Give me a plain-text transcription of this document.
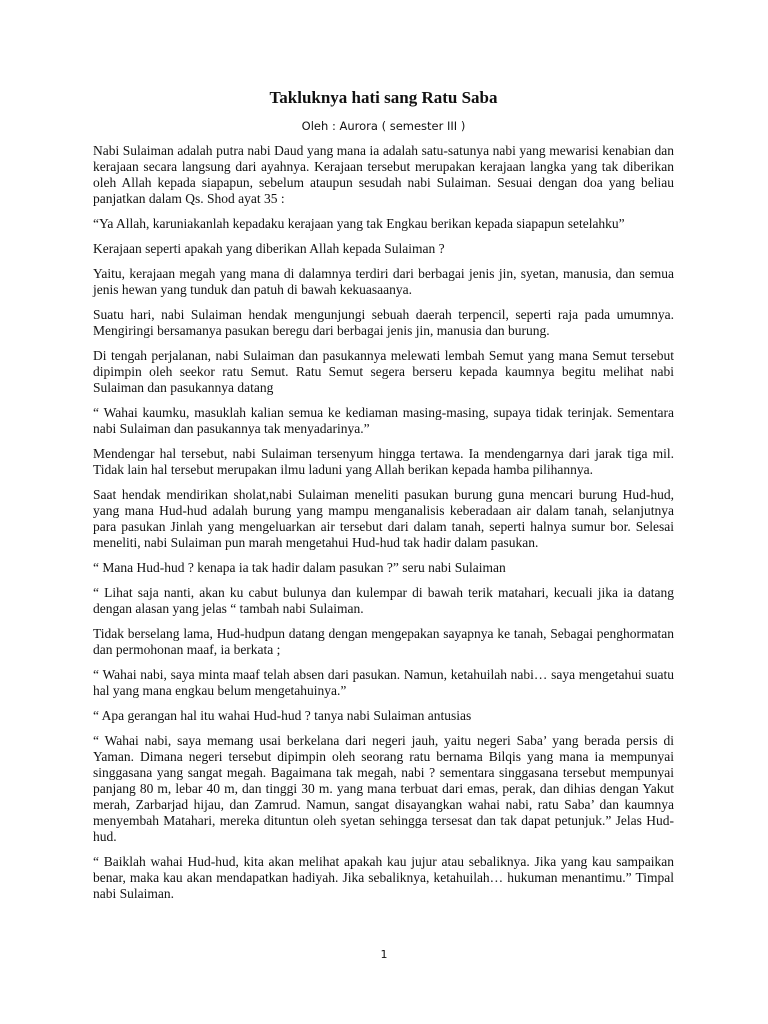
Takluknya hati sang Ratu Saba
Oleh : Aurora ( semester III )

Nabi Sulaiman adalah putra nabi Daud yang mana ia adalah satu-satunya nabi yang mewarisi kenabian dan kerajaan secara langsung dari ayahnya. Kerajaan tersebut merupakan kerajaan langka yang tak diberikan oleh Allah kepada siapapun, sebelum ataupun sesudah nabi Sulaiman. Sesuai dengan doa yang beliau panjatkan dalam Qs. Shod ayat 35 :

“Ya Allah, karuniakanlah kepadaku kerajaan yang tak Engkau berikan kepada siapapun setelahku”

Kerajaan seperti apakah yang diberikan Allah kepada Sulaiman ?

Yaitu, kerajaan megah yang mana di dalamnya terdiri dari berbagai jenis jin, syetan, manusia, dan semua jenis hewan yang tunduk dan patuh di bawah kekuasaanya.

Suatu hari, nabi Sulaiman hendak mengunjungi sebuah daerah terpencil, seperti raja pada umumnya. Mengiringi bersamanya pasukan beregu dari berbagai jenis jin, manusia dan burung.

Di tengah perjalanan, nabi Sulaiman dan pasukannya melewati lembah Semut yang mana Semut tersebut dipimpin oleh seekor ratu Semut. Ratu Semut segera berseru kepada kaumnya begitu melihat nabi Sulaiman dan pasukannya datang

“ Wahai kaumku, masuklah kalian semua ke kediaman masing-masing, supaya tidak terinjak. Sementara nabi Sulaiman dan pasukannya tak menyadarinya.”

Mendengar hal tersebut, nabi Sulaiman tersenyum hingga tertawa. Ia mendengarnya dari jarak tiga mil. Tidak lain hal tersebut merupakan ilmu laduni yang Allah berikan kepada hamba pilihannya.

Saat hendak mendirikan sholat,nabi Sulaiman meneliti pasukan burung guna mencari burung Hud-hud, yang mana Hud-hud adalah burung yang mampu menganalisis keberadaan air dalam tanah, selanjutnya para pasukan Jinlah yang mengeluarkan air tersebut dari dalam tanah, seperti halnya sumur bor. Selesai meneliti, nabi Sulaiman pun marah mengetahui Hud-hud tak hadir dalam pasukan.

“ Mana Hud-hud ? kenapa ia tak hadir dalam pasukan ?” seru nabi Sulaiman

“ Lihat saja nanti, akan ku cabut bulunya dan kulempar di bawah terik matahari, kecuali jika ia datang dengan alasan yang jelas “ tambah nabi Sulaiman.

Tidak berselang lama, Hud-hudpun datang dengan mengepakan sayapnya ke tanah, Sebagai penghormatan dan permohonan maaf, ia berkata ;

“ Wahai nabi, saya minta maaf telah absen dari pasukan. Namun, ketahuilah nabi… saya mengetahui suatu hal yang mana engkau belum mengetahuinya.”

“ Apa gerangan hal itu wahai Hud-hud ? tanya nabi Sulaiman antusias

“ Wahai nabi, saya memang usai berkelana dari negeri jauh, yaitu negeri Saba’ yang berada persis di Yaman. Dimana negeri tersebut dipimpin oleh seorang ratu bernama Bilqis yang mana ia mempunyai singgasana yang sangat megah. Bagaimana tak megah, nabi ? sementara singgasana tersebut mempunyai panjang 80 m, lebar 40 m, dan tinggi 30 m. yang mana terbuat dari emas, perak, dan dihias dengan Yakut merah, Zarbarjad hijau, dan Zamrud. Namun, sangat disayangkan wahai nabi, ratu Saba’ dan kaumnya menyembah Matahari, mereka dituntun oleh syetan sehingga tersesat dan tak dapat petunjuk.” Jelas Hud-hud.

“ Baiklah wahai Hud-hud, kita akan melihat apakah kau jujur atau sebaliknya. Jika yang kau sampaikan benar, maka kau akan mendapatkan hadiyah. Jika sebaliknya, ketahuilah… hukuman menantimu.” Timpal nabi Sulaiman.

1
